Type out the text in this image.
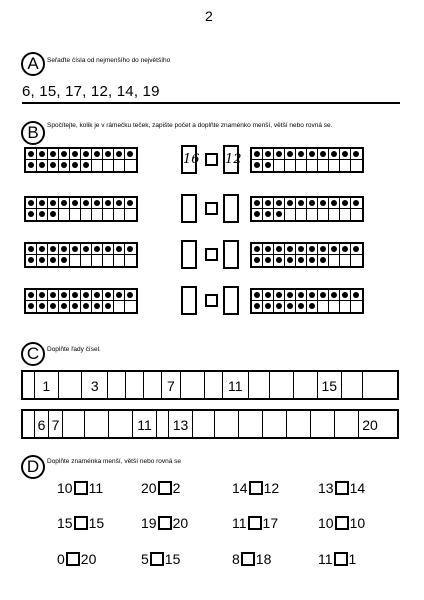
2
A	Seřaďte čísla od nejmenšího do největšího
6, 15, 17, 12, 14, 19
B	Spočítejte, kolik je v rámečku teček, zapište počet a doplňte znaménko menší, větší nebo rovná se.
16 12
C	Doplňte řady čísel.
1	3	7	11	15
6 7	11	13	20
D	Doplňte znaménka menší, větší nebo rovná se
10 11	20 2	14 12	13 14
15 15	19 20	11 17	10 10
0 20	5 15	8 18	11 1
